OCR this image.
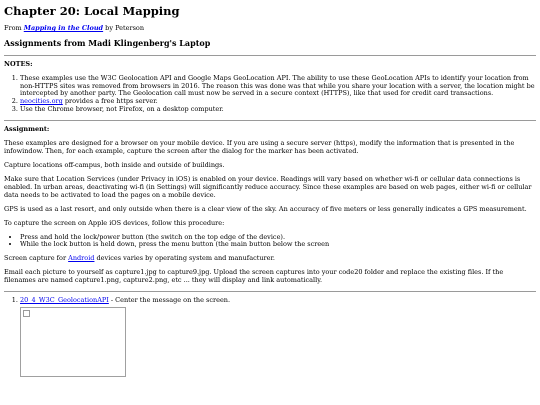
Chapter 20: Local Mapping

From Mapping in the Cloud by Peterson

Assignments from Madi Klingenberg's Laptop
NOTES:
1. These examples use the W3C Geolocation API and Google Maps GeoLocation API. The ability to use these GeoLocation APIs to identify your location from non-HTTPS sites was removed from browsers in 2016. The reason this was done was that while you share your location with a server, the location might be intercepted by another party. The Geolocation call must now be served in a secure context (HTTPS), like that used for credit card transactions.
2. neocities.org provides a free https server.
3. Use the Chrome browser, not Firefox, on a desktop computer.
Assignment:

These examples are designed for a browser on your mobile device. If you are using a secure server (https), modify the information that is presented in the infowindow. Then, for each example, capture the screen after the dialog for the marker has been activated.

Capture locations off-campus, both inside and outside of buildings.

Make sure that Location Services (under Privacy in iOS) is enabled on your device. Readings will vary based on whether wi-fi or cellular data connections is enabled. In urban areas, deactivating wi-fi (in Settings) will significantly reduce accuracy. Since these examples are based on web pages, either wi-fi or cellular data needs to be activated to load the pages on a mobile device.

GPS is used as a last resort, and only outside when there is a clear view of the sky. An accuracy of five meters or less generally indicates a GPS measurement.

To capture the screen on Apple iOS devices, follow this procedure:

• Press and hold the lock/power button (the switch on the top edge of the device).
• While the lock button is held down, press the menu button (the main button below the screen

Screen capture for Android devices varies by operating system and manufacturer.

Email each picture to yourself as capture1.jpg to capture9.jpg. Upload the screen captures into your code20 folder and replace the existing files. If the filenames are named capture1.png, capture2.png, etc ... they will display and link automatically.

1. 20_4_W3C_GeolocationAPI - Center the message on the screen.
